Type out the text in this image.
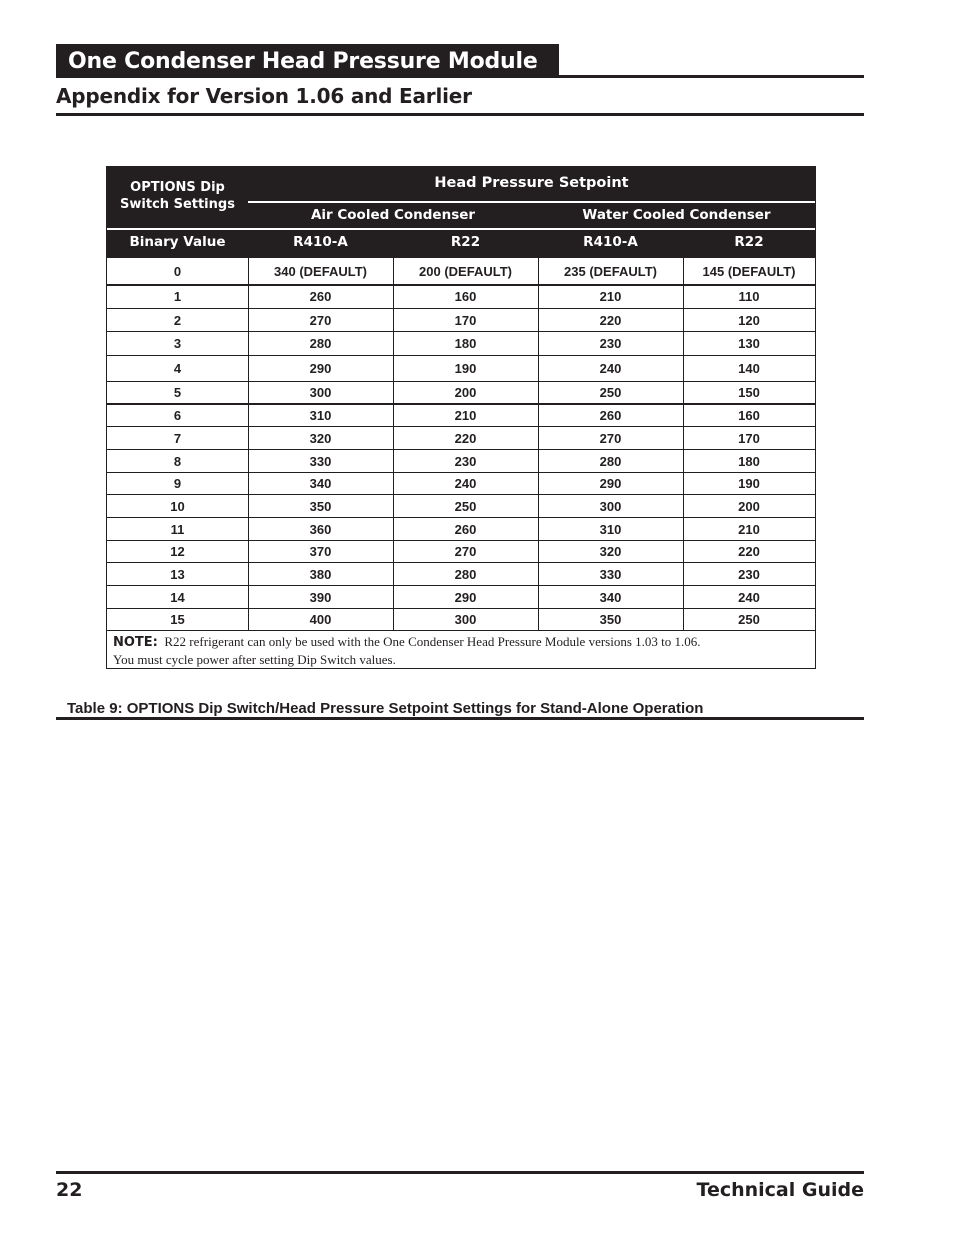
One Condenser Head Pressure Module
Appendix for Version 1.06 and Earlier
OPTIONS Dip
Switch Settings
Head Pressure Setpoint
Air Cooled Condenser	Water Cooled Condenser
Binary Value	R410-A	R22	R410-A	R22
0	340 (DEFAULT)	200 (DEFAULT)	235 (DEFAULT)	145 (DEFAULT)
1	260	160	210	110
2	270	170	220	120
3	280	180	230	130
4	290	190	240	140
5	300	200	250	150
6	310	210	260	160
7	320	220	270	170
8	330	230	280	180
9	340	240	290	190
10	350	250	300	200
11	360	260	310	210
12	370	270	320	220
13	380	280	330	230
14	390	290	340	240
15	400	300	350	250
NOTE: R22 refrigerant can only be used with the One Condenser Head Pressure Module versions 1.03 to 1.06.
You must cycle power after setting Dip Switch values.
Table 9: OPTIONS Dip Switch/Head Pressure Setpoint Settings for Stand-Alone Operation
22	Technical Guide
